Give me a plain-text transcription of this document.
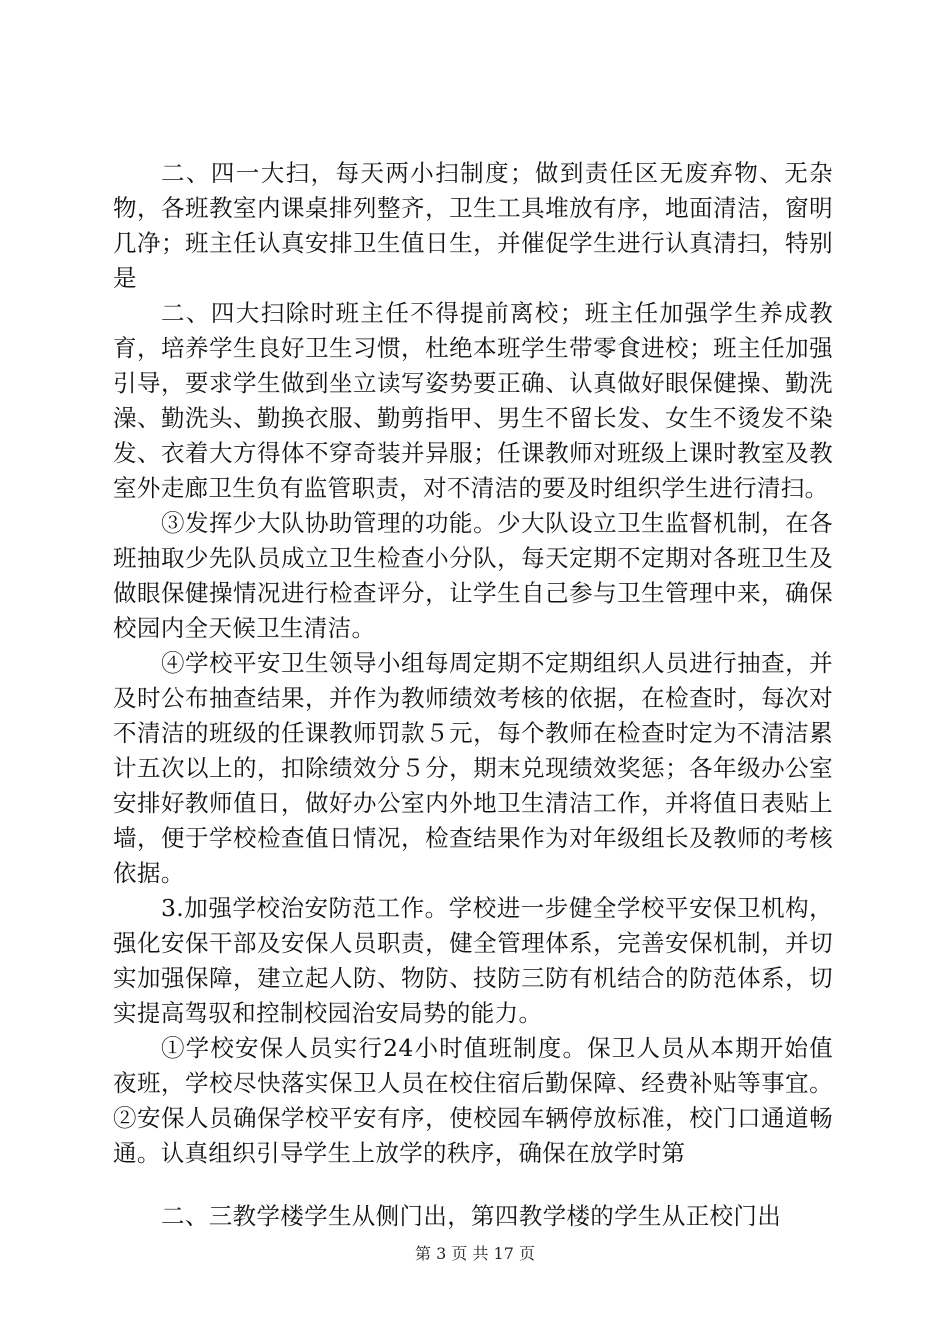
二、四一大扫，每天两小扫制度；做到责任区无废弃物、无杂物，各班教室内课桌排列整齐，卫生工具堆放有序，地面清洁，窗明几净；班主任认真安排卫生值日生，并催促学生进行认真清扫，特别是

二、四大扫除时班主任不得提前离校；班主任加强学生养成教育，培养学生良好卫生习惯，杜绝本班学生带零食进校；班主任加强引导，要求学生做到坐立读写姿势要正确、认真做好眼保健操、勤洗澡、勤洗头、勤换衣服、勤剪指甲、男生不留长发、女生不烫发不染发、衣着大方得体不穿奇装并异服；任课教师对班级上课时教室及教室外走廊卫生负有监管职责，对不清洁的要及时组织学生进行清扫。

③发挥少大队协助管理的功能。少大队设立卫生监督机制，在各班抽取少先队员成立卫生检查小分队，每天定期不定期对各班卫生及做眼保健操情况进行检查评分，让学生自己参与卫生管理中来，确保校园内全天候卫生清洁。

④学校平安卫生领导小组每周定期不定期组织人员进行抽查，并及时公布抽查结果，并作为教师绩效考核的依据，在检查时，每次对不清洁的班级的任课教师罚款５元，每个教师在检查时定为不清洁累计五次以上的，扣除绩效分５分，期末兑现绩效奖惩；各年级办公室安排好教师值日，做好办公室内外地卫生清洁工作，并将值日表贴上墙，便于学校检查值日情况，检查结果作为对年级组长及教师的考核依据。

3.加强学校治安防范工作。学校进一步健全学校平安保卫机构，强化安保干部及安保人员职责，健全管理体系，完善安保机制，并切实加强保障，建立起人防、物防、技防三防有机结合的防范体系，切实提高驾驭和控制校园治安局势的能力。

①学校安保人员实行24小时值班制度。保卫人员从本期开始值夜班，学校尽快落实保卫人员在校住宿后勤保障、经费补贴等事宜。②安保人员确保学校平安有序，使校园车辆停放标准，校门口通道畅通。认真组织引导学生上放学的秩序，确保在放学时第

二、三教学楼学生从侧门出，第四教学楼的学生从正校门出

第 3 页 共 17 页
